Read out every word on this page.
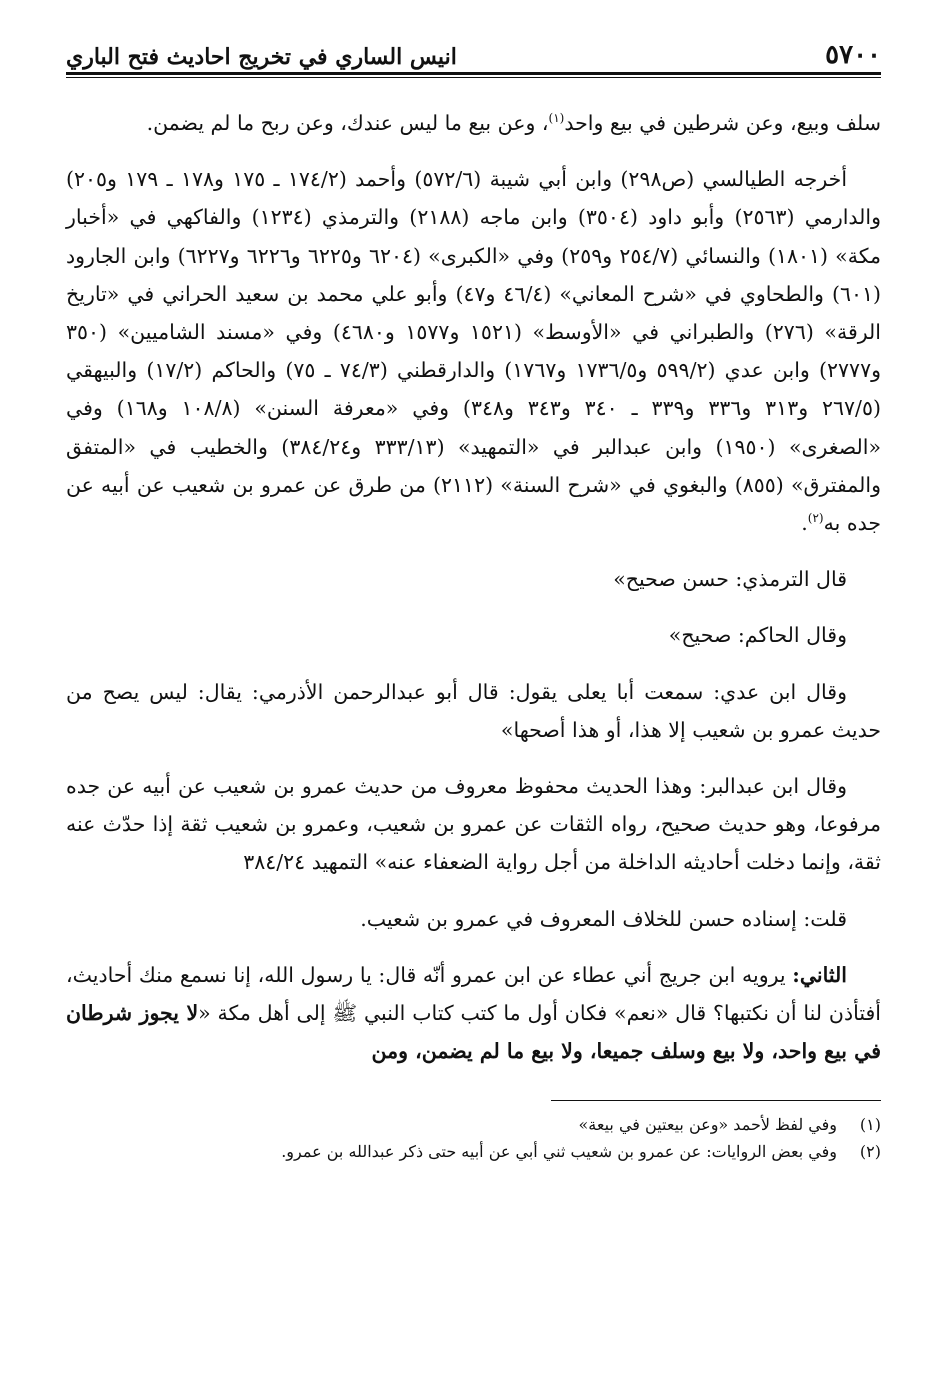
٥٧٠٠
انيس الساري في تخريج احاديث فتح الباري

سلف وبيع، وعن شرطين في بيع واحد$^{(١)}$، وعن بيع ما ليس عندك، وعن ربح ما لم يضمن.

أخرجه الطيالسي (ص٢٩٨) وابن أبي شيبة (٥٧٢/٦) وأحمد (١٧٤/٢ ـ ١٧٥ و١٧٨ ـ ١٧٩ و٢٠٥) والدارمي (٢٥٦٣) وأبو داود (٣٥٠٤) وابن ماجه (٢١٨٨) والترمذي (١٢٣٤) والفاكهي في «أخبار مكة» (١٨٠١) والنسائي (٢٥٤/٧ و٢٥٩) وفي «الكبرى» (٦٢٠٤ و٦٢٢٥ و٦٢٢٦ و٦٢٢٧) وابن الجارود (٦٠١) والطحاوي في «شرح المعاني» (٤٦/٤ و٤٧) وأبو علي محمد بن سعيد الحراني في «تاريخ الرقة» (٢٧٦) والطبراني في «الأوسط» (١٥٢١ و١٥٧٧ و٤٦٨٠) وفي «مسند الشاميين» (٣٥٠ و٢٧٧٧) وابن عدي (٥٩٩/٢ و١٧٣٦/٥ و١٧٦٧) والدارقطني (٧٤/٣ ـ ٧٥) والحاكم (١٧/٢) والبيهقي (٢٦٧/٥ و٣١٣ و٣٣٦ و٣٣٩ ـ ٣٤٠ و٣٤٣ و٣٤٨) وفي «معرفة السنن» (١٠٨/٨ و١٦٨) وفي «الصغرى» (١٩٥٠) وابن عبدالبر في «التمهيد» (٣٣٣/١٣ و٣٨٤/٢٤) والخطيب في «المتفق والمفترق» (٨٥٥) والبغوي في «شرح السنة» (٢١١٢) من طرق عن عمرو بن شعيب عن أبيه عن جده به$^{(٢)}$.

قال الترمذي: حسن صحيح»

وقال الحاكم: صحيح»

وقال ابن عدي: سمعت أبا يعلى يقول: قال أبو عبدالرحمن الأذرمي: يقال: ليس يصح من حديث عمرو بن شعيب إلا هذا، أو هذا أصحها»

وقال ابن عبدالبر: وهذا الحديث محفوظ معروف من حديث عمرو بن شعيب عن أبيه عن جده مرفوعا، وهو حديث صحيح، رواه الثقات عن عمرو بن شعيب، وعمرو بن شعيب ثقة إذا حدّث عنه ثقة، وإنما دخلت أحاديثه الداخلة من أجل رواية الضعفاء عنه» التمهيد ٣٨٤/٢٤

قلت: إسناده حسن للخلاف المعروف في عمرو بن شعيب.

الثاني: يرويه ابن جريج أني عطاء عن ابن عمرو أنّه قال: يا رسول الله، إنا نسمع منك أحاديث، أفتأذن لنا أن نكتبها؟ قال «نعم» فكان أول ما كتب كتاب النبي ﷺ إلى أهل مكة «لا يجوز شرطان في بيع واحد، ولا بيع وسلف جميعا، ولا بيع ما لم يضمن، ومن

(١)
وفي لفظ لأحمد «وعن بيعتين في بيعة»
(٢)
وفي بعض الروايات: عن عمرو بن شعيب ثني أبي عن أبيه حتى ذكر عبدالله بن عمرو.
